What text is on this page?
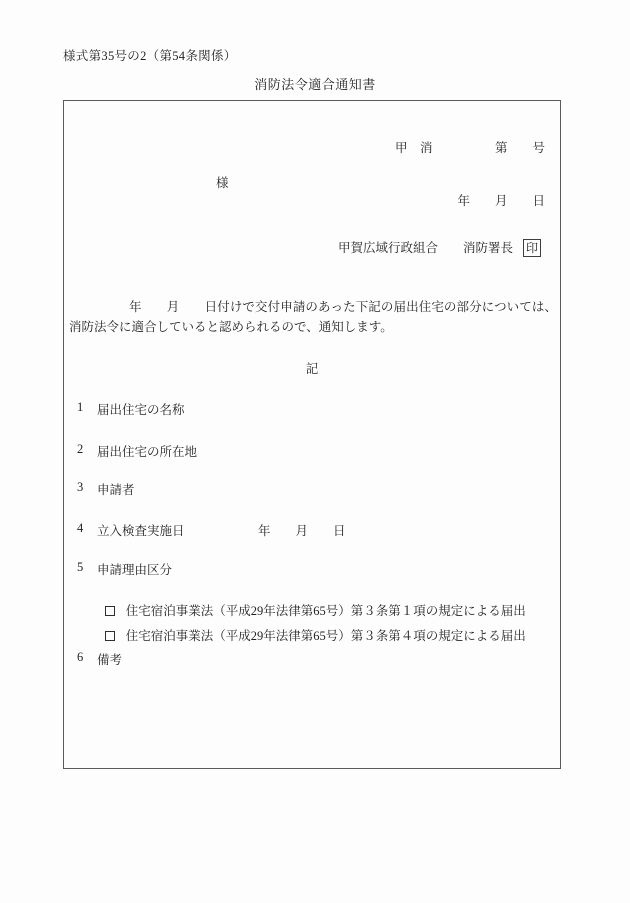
様式第35号の2（第54条関係）
消防法令適合通知書

甲　消　　　　　第　　号

年　　月　　日

様
甲賀広域行政組合　　消防署長 印
年　　月　　日付けで交付申請のあった下記の届出住宅の部分については、消防法令に適合していると認められるので、通知します。
記
1	届出住宅の名称
2	届出住宅の所在地
3	申請者
4	立入検査実施日	年　　月　　日
5	申請理由区分

住宅宿泊事業法（平成29年法律第65号）第３条第１項の規定による届出

住宅宿泊事業法（平成29年法律第65号）第３条第４項の規定による届出

6	備考
